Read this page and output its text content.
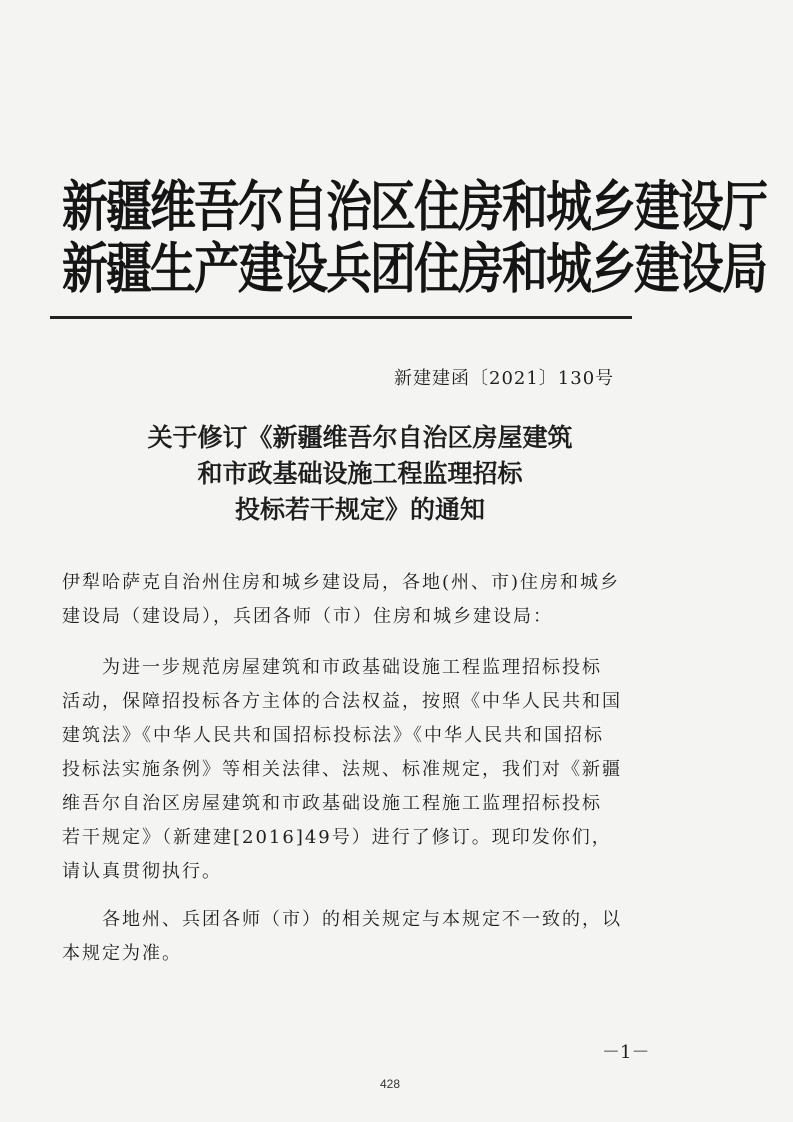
新疆维吾尔自治区住房和城乡建设厅
新疆生产建设兵团住房和城乡建设局
新建建函〔2021〕130号
关于修订《新疆维吾尔自治区房屋建筑
和市政基础设施工程监理招标
投标若干规定》的通知
伊犁哈萨克自治州住房和城乡建设局，各地(州、市)住房和城乡
建设局（建设局），兵团各师（市）住房和城乡建设局：
　　为进一步规范房屋建筑和市政基础设施工程监理招标投标
活动，保障招投标各方主体的合法权益，按照《中华人民共和国
建筑法》《中华人民共和国招标投标法》《中华人民共和国招标
投标法实施条例》等相关法律、法规、标准规定，我们对《新疆
维吾尔自治区房屋建筑和市政基础设施工程施工监理招标投标
若干规定》（新建建[2016]49号）进行了修订。现印发你们，
请认真贯彻执行。
　　各地州、兵团各师（市）的相关规定与本规定不一致的，以
本规定为准。
－1－
428
